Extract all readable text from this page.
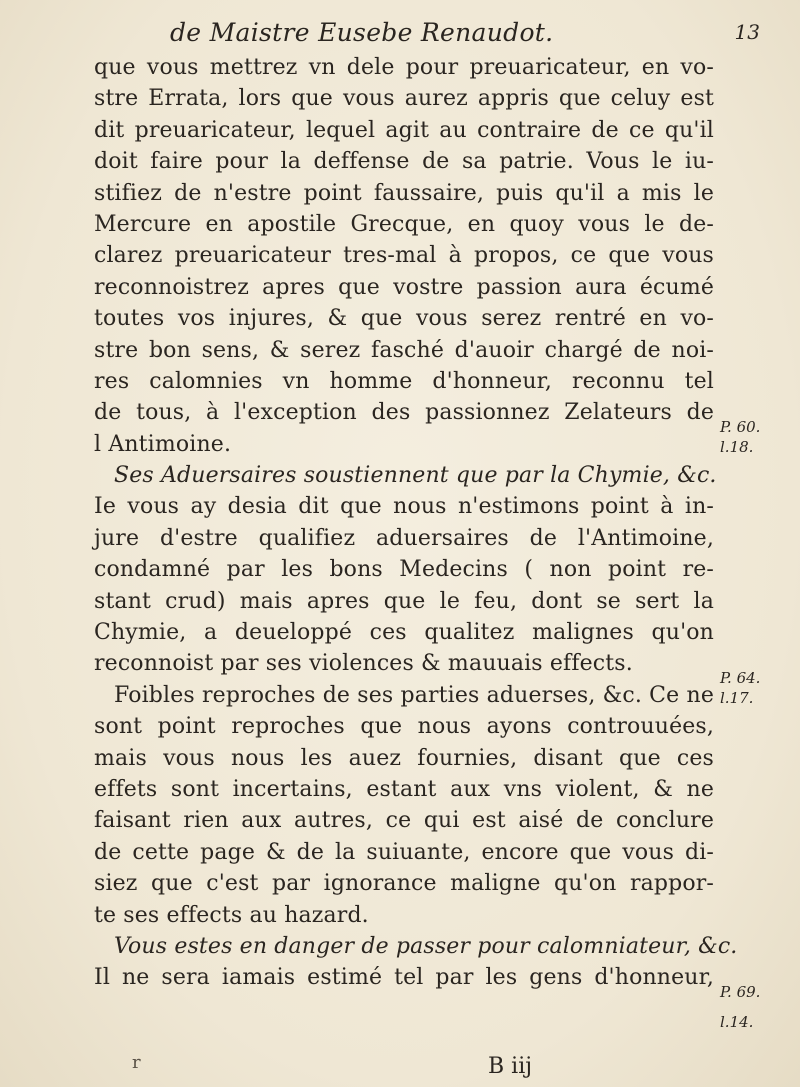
de Maistre Eusebe Renaudot.	13
que vous mettrez vn dele pour preuaricateur, en vo-
stre Errata, lors que vous aurez appris que celuy est
dit preuaricateur, lequel agit au contraire de ce qu'il
doit faire pour la deffense de sa patrie. Vous le iu-
stifiez de n'estre point faussaire, puis qu'il a mis le
Mercure en apostile Grecque, en quoy vous le de-
clarez preuaricateur tres-mal à propos, ce que vous
reconnoistrez apres que vostre passion aura écumé
toutes vos injures, & que vous serez rentré en vo-
stre bon sens, & serez fasché d'auoir chargé de noi-
res calomnies vn homme d'honneur, reconnu tel
de tous, à l'exception des passionnez Zelateurs de
l Antimoine.
Ses Aduersaires soustiennent que par la Chymie, &c.
Ie vous ay desia dit que nous n'estimons point à in-
jure d'estre qualifiez aduersaires de l'Antimoine,
condamné par les bons Medecins ( non point re-
stant crud) mais apres que le feu, dont se sert la
Chymie, a deueloppé ces qualitez malignes qu'on
reconnoist par ses violences & mauuais effects.
Foibles reproches de ses parties aduerses, &c. Ce ne
sont point reproches que nous ayons controuuées,
mais vous nous les auez fournies, disant que ces
effets sont incertains, estant aux vns violent, & ne
faisant rien aux autres, ce qui est aisé de conclure
de cette page & de la suiuante, encore que vous di-
siez que c'est par ignorance maligne qu'on rappor-
te ses effects au hazard.
Vous estes en danger de passer pour calomniateur, &c.
Il ne sera iamais estimé tel par les gens d'honneur,
P. 60.
l.18.
P. 64.
l.17.
P. 69.
l.14.
r	B iij
